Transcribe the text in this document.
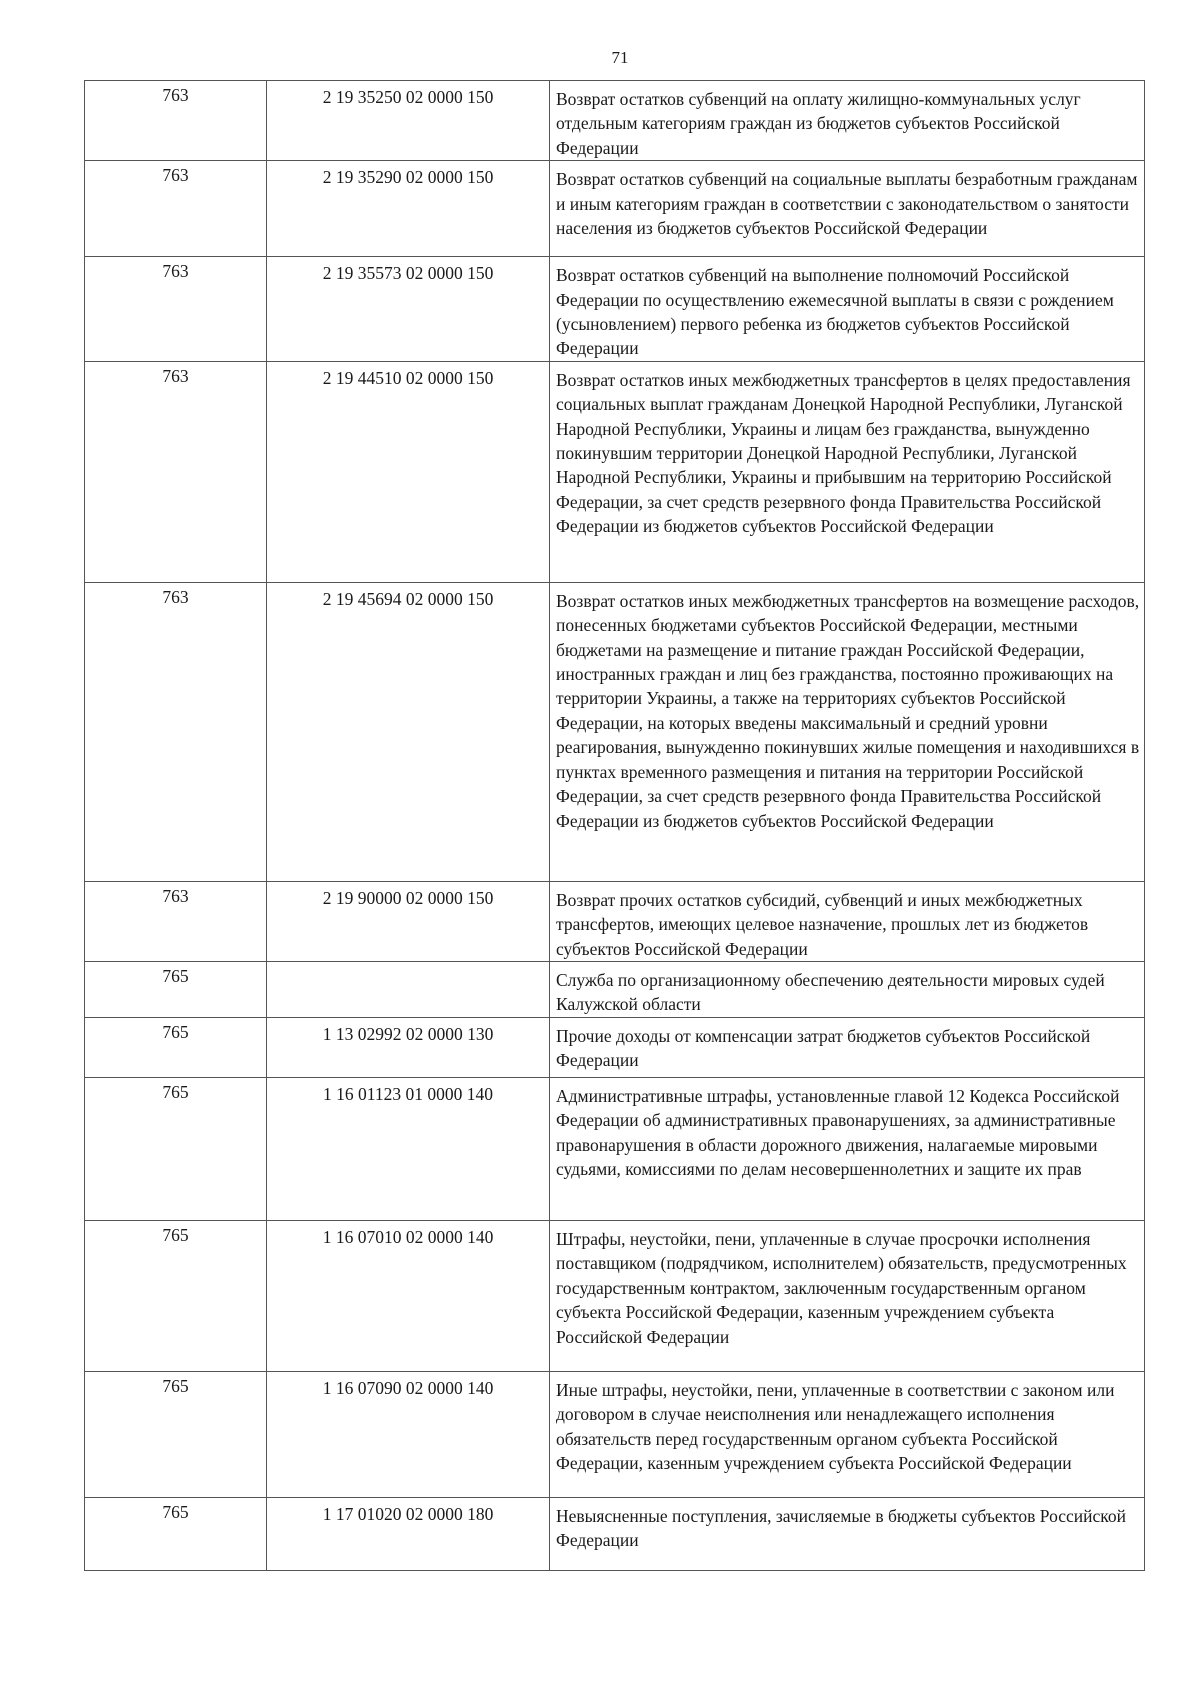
71
763	2 19 35250 02 0000 150	Возврат остатков субвенций на оплату жилищно-коммунальных услуг отдельным категориям граждан из бюджетов субъектов Российской Федерации

763	2 19 35290 02 0000 150	Возврат остатков субвенций на социальные выплаты безработным гражданам и иным категориям граждан в соответствии с законодательством о занятости населения из бюджетов субъектов Российской Федерации

763	2 19 35573 02 0000 150	Возврат остатков субвенций на выполнение полномочий Российской Федерации по осуществлению ежемесячной выплаты в связи с рождением (усыновлением) первого ребенка из бюджетов субъектов Российской Федерации

763	2 19 44510 02 0000 150	Возврат остатков иных межбюджетных трансфертов в целях предоставления социальных выплат гражданам Донецкой Народной Республики, Луганской Народной Республики, Украины и лицам без гражданства, вынужденно покинувшим территории Донецкой Народной Республики, Луганской Народной Республики, Украины и прибывшим на территорию Российской Федерации, за счет средств резервного фонда Правительства Российской Федерации из бюджетов субъектов Российской Федерации

763	2 19 45694 02 0000 150	Возврат остатков иных межбюджетных трансфертов на возмещение расходов, понесенных бюджетами субъектов Российской Федерации, местными бюджетами на размещение и питание граждан Российской Федерации, иностранных граждан и лиц без гражданства, постоянно проживающих на территории Украины, а также на территориях субъектов Российской Федерации, на которых введены максимальный и средний уровни реагирования, вынужденно покинувших жилые помещения и находившихся в пунктах временного размещения и питания на территории Российской Федерации, за счет средств резервного фонда Правительства Российской Федерации из бюджетов субъектов Российской Федерации

763	2 19 90000 02 0000 150	Возврат прочих остатков субсидий, субвенций и иных межбюджетных трансфертов, имеющих целевое назначение, прошлых лет из бюджетов субъектов Российской Федерации

765		Служба по организационному обеспечению деятельности мировых судей Калужской области

765	1 13 02992 02 0000 130	Прочие доходы от компенсации затрат бюджетов субъектов Российской Федерации

765	1 16 01123 01 0000 140	Административные штрафы, установленные главой 12 Кодекса Российской Федерации об административных правонарушениях, за административные правонарушения в области дорожного движения, налагаемые мировыми судьями, комиссиями по делам несовершеннолетних и защите их прав

765	1 16 07010 02 0000 140	Штрафы, неустойки, пени, уплаченные в случае просрочки исполнения поставщиком (подрядчиком, исполнителем) обязательств, предусмотренных государственным контрактом, заключенным государственным органом субъекта Российской Федерации, казенным учреждением субъекта Российской Федерации

765	1 16 07090 02 0000 140	Иные штрафы, неустойки, пени, уплаченные в соответствии с законом или договором в случае неисполнения или ненадлежащего исполнения обязательств перед государственным органом субъекта Российской Федерации, казенным учреждением субъекта Российской Федерации

765	1 17 01020 02 0000 180	Невыясненные поступления, зачисляемые в бюджеты субъектов Российской Федерации
